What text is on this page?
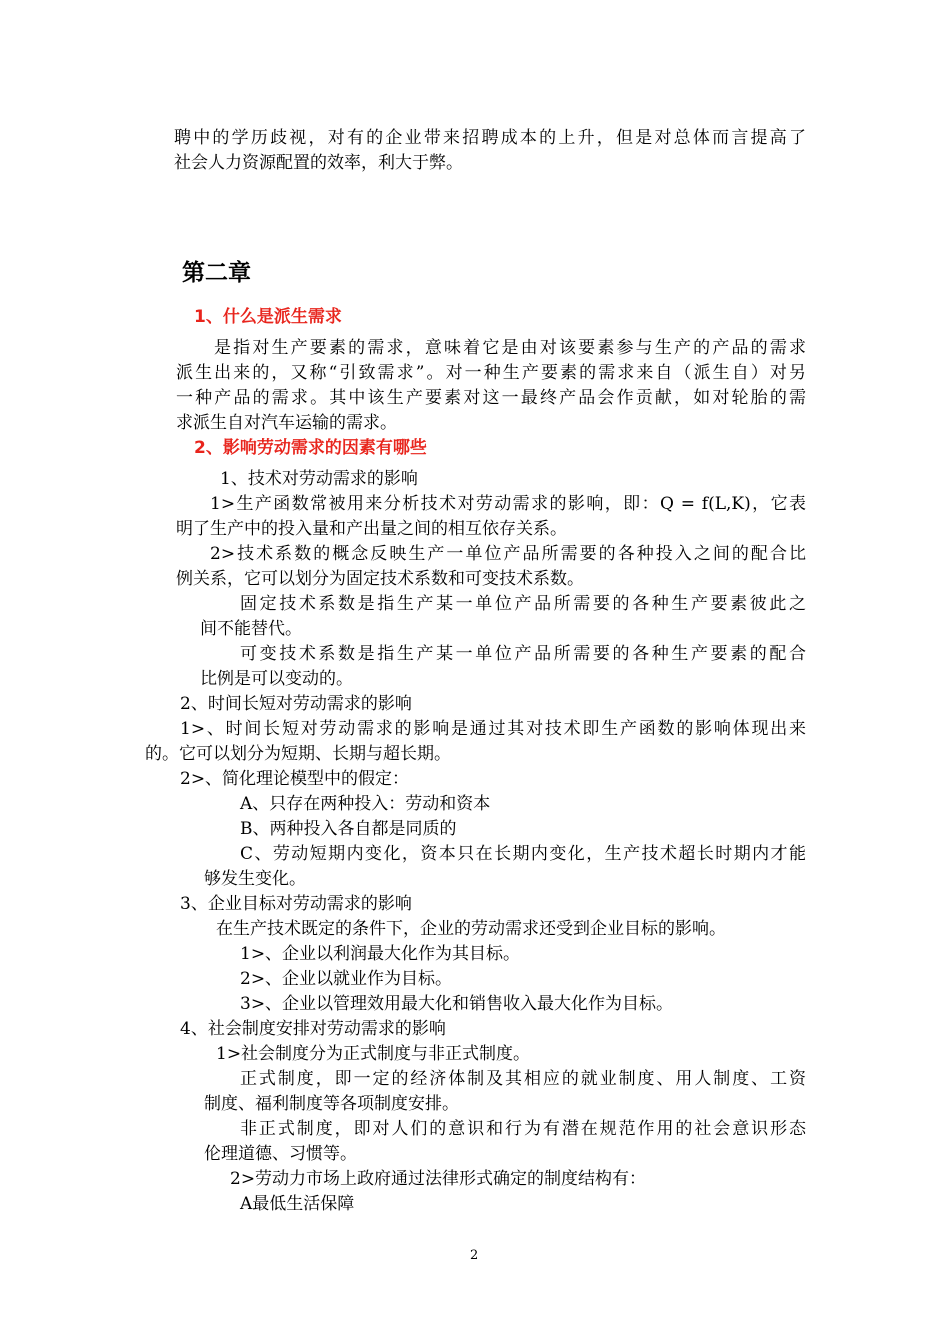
聘中的学历歧视，对有的企业带来招聘成本的上升，但是对总体而言提高了
社会人力资源配置的效率，利大于弊。
第二章
1、什么是派生需求
是指对生产要素的需求，意味着它是由对该要素参与生产的产品的需求
派生出来的，又称“引致需求”。对一种生产要素的需求来自（派生自）对另
一种产品的需求。其中该生产要素对这一最终产品会作贡献，如对轮胎的需
求派生自对汽车运输的需求。
2、影响劳动需求的因素有哪些
1、技术对劳动需求的影响
1>生产函数常被用来分析技术对劳动需求的影响，即：Q = f(L,K)，它表
明了生产中的投入量和产出量之间的相互依存关系。
2>技术系数的概念反映生产一单位产品所需要的各种投入之间的配合比
例关系，它可以划分为固定技术系数和可变技术系数。
固定技术系数是指生产某一单位产品所需要的各种生产要素彼此之
间不能替代。
可变技术系数是指生产某一单位产品所需要的各种生产要素的配合
比例是可以变动的。
2、时间长短对劳动需求的影响
1>、时间长短对劳动需求的影响是通过其对技术即生产函数的影响体现出来
的。它可以划分为短期、长期与超长期。
2>、简化理论模型中的假定：
A、只存在两种投入：劳动和资本
B、两种投入各自都是同质的
C、劳动短期内变化，资本只在长期内变化，生产技术超长时期内才能
够发生变化。
3、企业目标对劳动需求的影响
在生产技术既定的条件下，企业的劳动需求还受到企业目标的影响。
1>、企业以利润最大化作为其目标。
2>、企业以就业作为目标。
3>、企业以管理效用最大化和销售收入最大化作为目标。
4、社会制度安排对劳动需求的影响
1>社会制度分为正式制度与非正式制度。
正式制度，即一定的经济体制及其相应的就业制度、用人制度、工资
制度、福利制度等各项制度安排。
非正式制度，即对人们的意识和行为有潜在规范作用的社会意识形态
伦理道德、习惯等。
2>劳动力市场上政府通过法律形式确定的制度结构有：
A最低生活保障
2
